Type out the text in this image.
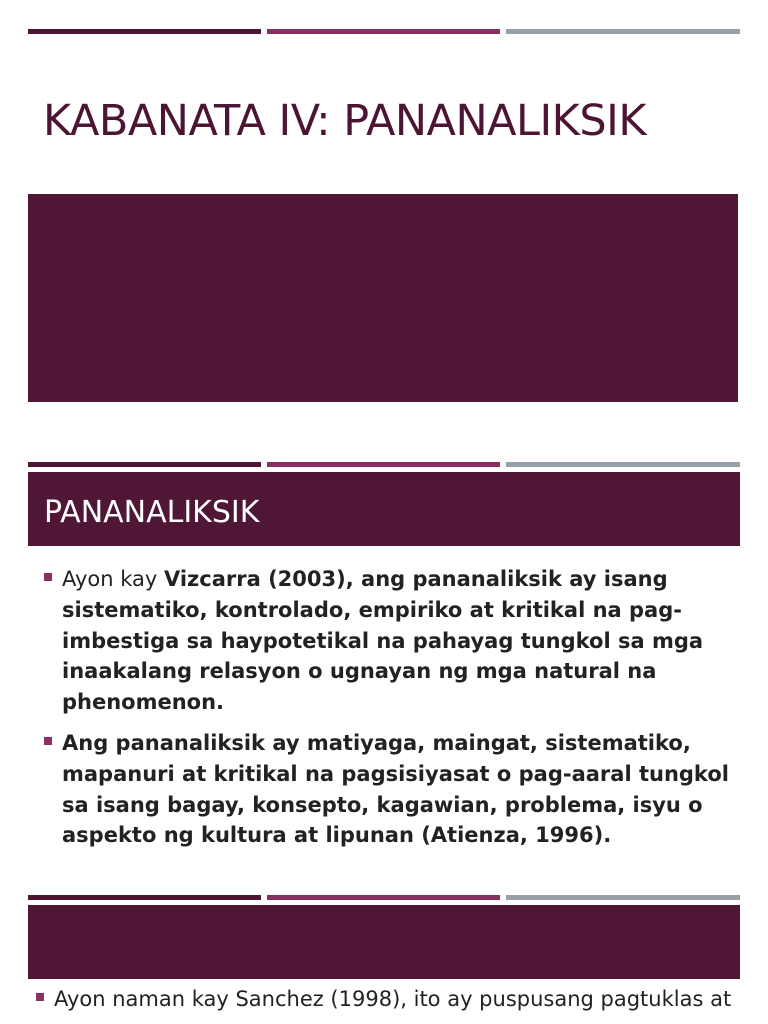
KABANATA IV: PANANALIKSIK
PANANALIKSIK
Ayon kay Vizcarra (2003), ang pananaliksik ay isang sistematiko, kontrolado, empiriko at kritikal na pag-imbestiga sa haypotetikal na pahayag tungkol sa mga inaakalang relasyon o ugnayan ng mga natural na phenomenon.
Ang pananaliksik ay matiyaga, maingat, sistematiko, mapanuri at kritikal na pagsisiyasat o pag-aaral tungkol sa isang bagay, konsepto, kagawian, problema, isyu o aspekto ng kultura at lipunan (Atienza, 1996).
Ayon naman kay Sanchez (1998), ito ay puspusang pagtuklas at
